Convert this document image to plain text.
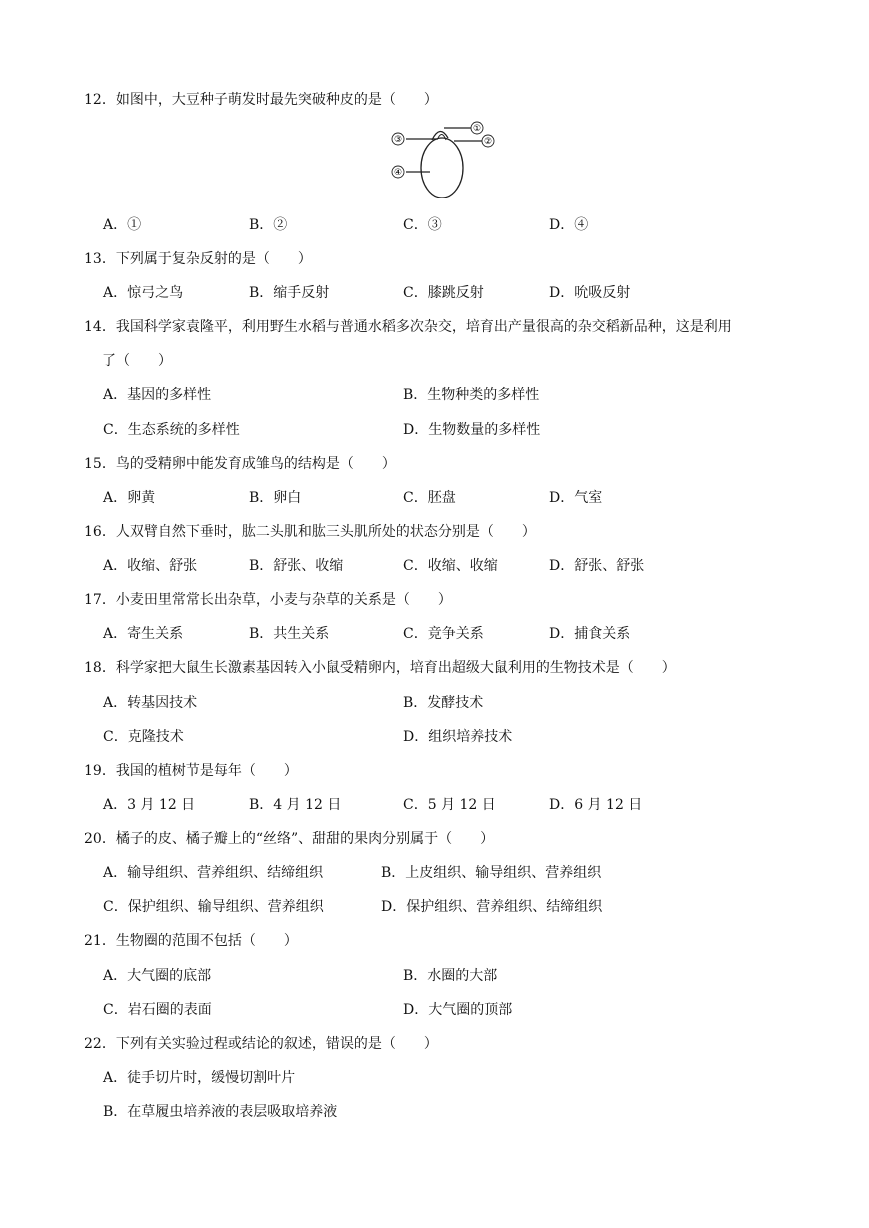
12．如图中，大豆种子萌发时最先突破种皮的是（　　）
①
②
③
④
A．①	B．②	C．③	D．④
13．下列属于复杂反射的是（　　）
A．惊弓之鸟	B．缩手反射	C．膝跳反射	D．吮吸反射
14．我国科学家袁隆平，利用野生水稻与普通水稻多次杂交，培育出产量很高的杂交稻新品种，这是利用
了（　　）
A．基因的多样性	B．生物种类的多样性
C．生态系统的多样性	D．生物数量的多样性
15．鸟的受精卵中能发育成雏鸟的结构是（　　）
A．卵黄	B．卵白	C．胚盘	D．气室
16．人双臂自然下垂时，肱二头肌和肱三头肌所处的状态分别是（　　）
A．收缩、舒张	B．舒张、收缩	C．收缩、收缩	D．舒张、舒张
17．小麦田里常常长出杂草，小麦与杂草的关系是（　　）
A．寄生关系	B．共生关系	C．竞争关系	D．捕食关系
18．科学家把大鼠生长激素基因转入小鼠受精卵内，培育出超级大鼠利用的生物技术是（　　）
A．转基因技术	B．发酵技术
C．克隆技术	D．组织培养技术
19．我国的植树节是每年（　　）
A．3 月 12 日	B．4 月 12 日	C．5 月 12 日	D．6 月 12 日
20．橘子的皮、橘子瓣上的“丝络”、甜甜的果肉分别属于（　　）
A．输导组织、营养组织、结缔组织	B．上皮组织、输导组织、营养组织
C．保护组织、输导组织、营养组织	D．保护组织、营养组织、结缔组织
21．生物圈的范围不包括（　　）
A．大气圈的底部	B．水圈的大部
C．岩石圈的表面	D．大气圈的顶部
22．下列有关实验过程或结论的叙述，错误的是（　　）
A．徒手切片时，缓慢切割叶片
B．在草履虫培养液的表层吸取培养液
